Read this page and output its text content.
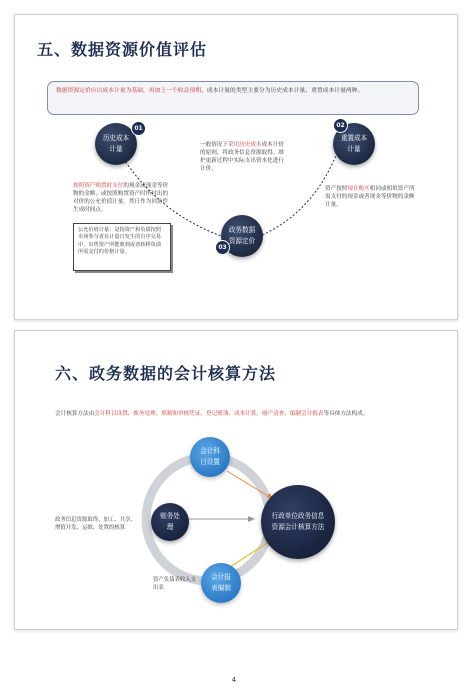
五、数据资源价值评估
数据资源定价应以成本计量为基础，再加上一个收益预期。成本计量的类型主要分为历史成本计量、重置成本计量两种。
历史成本计量
01
重置成本计量
02
政务数据资源定价
03
一般情况下采用历史成本成本计价的原则，将政务信息资源取得、维护更新过程中实际支出资本化进行计价。
按照资产购置时支付的现金或现金等价物的金额，或按照购置资产时所付出的对价的公允价值计量。然日作为回访件生成时间点。
公允价值计量：是指资产和负债按照市场参与者在计量日发生的有序交易中，出售资产所能收到或者转移负债所需支付的价格计量。
资产按照现在购买相同或相似资产所需支付的现金或者现金等价物的金额计量。
六、政务数据的会计核算方法
会计核算方法由会计科目设置、账务处理、填制和审核凭证、登记账簿、成本计算、财产清查、编制会计报表等具体方法构成。
会计科目设置
账务处理
会计报表编制
行政单位政务信息资源会计核算方法
政务信息资源取得、加工、共享、增值开发、运维、处置的核算
资产负债表收入支出表
4
